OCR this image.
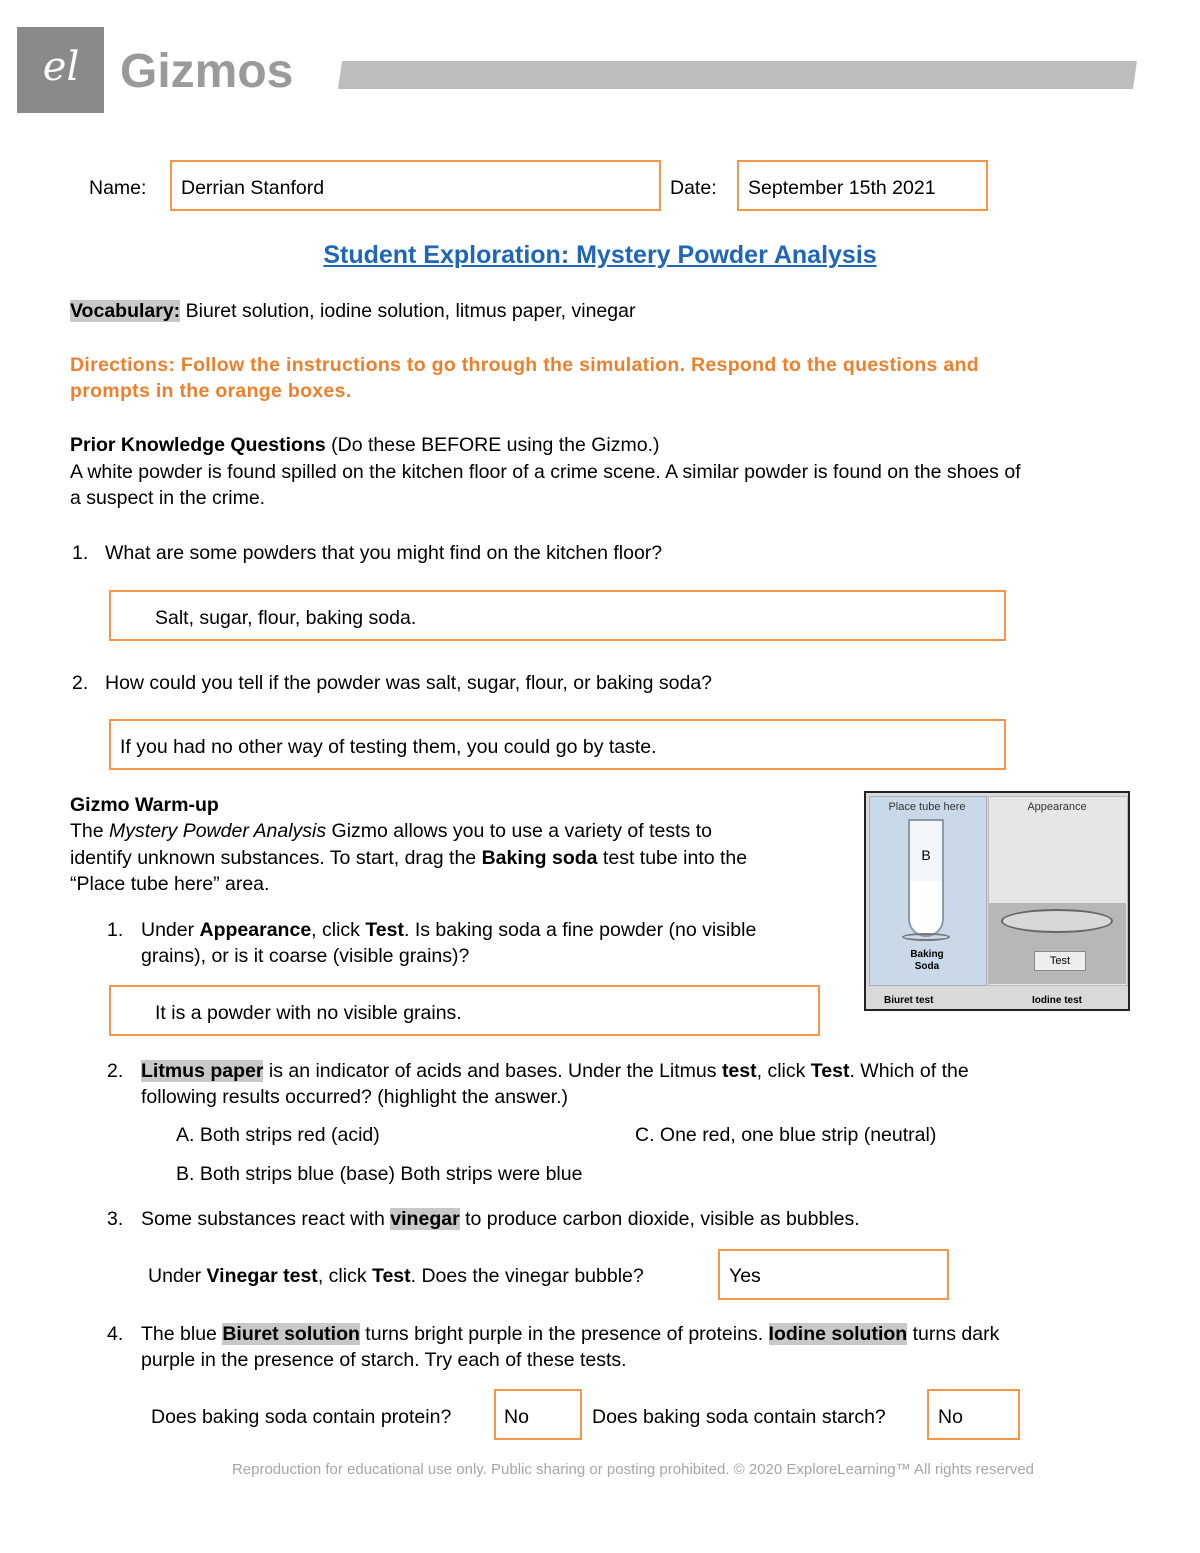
el Gizmos
Name: Derrian Stanford	Date: September 15th 2021
Student Exploration: Mystery Powder Analysis
Vocabulary: Biuret solution, iodine solution, litmus paper, vinegar
Directions: Follow the instructions to go through the simulation. Respond to the questions and
prompts in the orange boxes.
Prior Knowledge Questions (Do these BEFORE using the Gizmo.)
A white powder is found spilled on the kitchen floor of a crime scene. A similar powder is found on the shoes of
a suspect in the crime.
1. What are some powders that you might find on the kitchen floor?
Salt, sugar, flour, baking soda.
2. How could you tell if the powder was salt, sugar, flour, or baking soda?
If you had no other way of testing them, you could go by taste.
Gizmo Warm-up
The Mystery Powder Analysis Gizmo allows you to use a variety of tests to
identify unknown substances. To start, drag the Baking soda test tube into the
“Place tube here” area.
Place tube here
B
Baking
Soda
Appearance
Test
Biuret test	Iodine test
1. Under Appearance, click Test. Is baking soda a fine powder (no visible
grains), or is it coarse (visible grains)?
It is a powder with no visible grains.
2. Litmus paper is an indicator of acids and bases. Under the Litmus test, click Test. Which of the
following results occurred? (highlight the answer.)
A. Both strips red (acid)	C. One red, one blue strip (neutral)
B. Both strips blue (base) Both strips were blue
3. Some substances react with vinegar to produce carbon dioxide, visible as bubbles.
Under Vinegar test, click Test. Does the vinegar bubble?	Yes
4. The blue Biuret solution turns bright purple in the presence of proteins. Iodine solution turns dark
purple in the presence of starch. Try each of these tests.
Does baking soda contain protein?	No	Does baking soda contain starch?	No
Reproduction for educational use only. Public sharing or posting prohibited. © 2020 ExploreLearning™ All rights reserved
